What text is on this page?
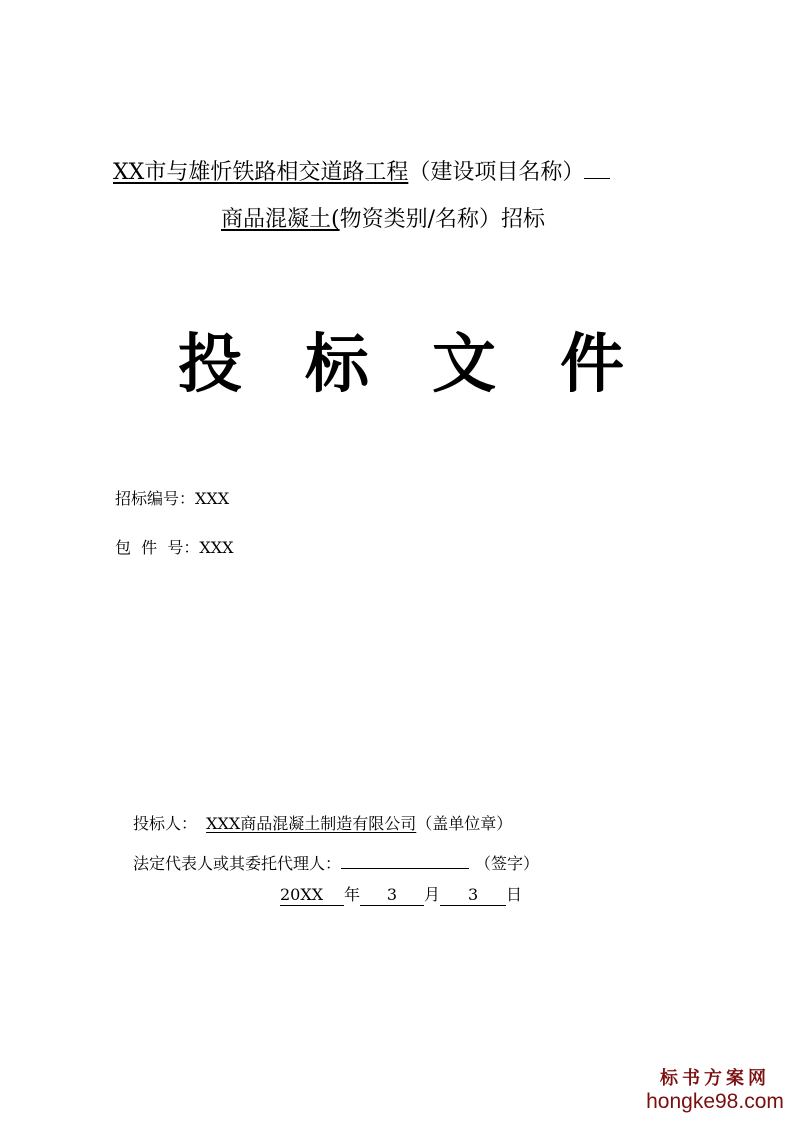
XX市与雄忻铁路相交道路工程（建设项目名称）
商品混凝土(物资类别/名称）招标
投 标 文 件
招标编号：XXX
包  件  号：XXX
投标人： XXX商品混凝土制造有限公司（盖单位章）
法定代表人或其委托代理人：	（签字）
20XX 年 3 月 3 日
标书方案网
hongke98.com
